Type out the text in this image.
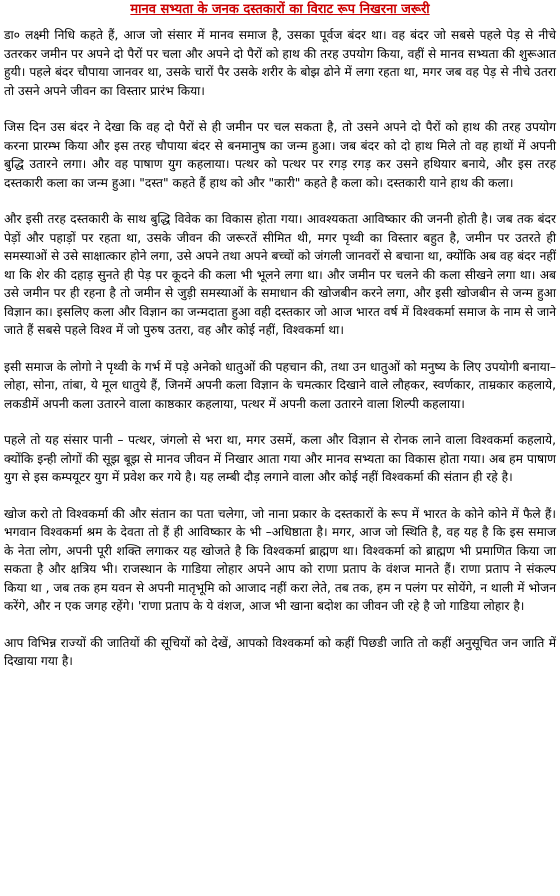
मानव सभ्यता के जनक दस्तकारों का विराट रूप निखरना जरूरी

डा० लक्ष्मी निधि कहते हैं, आज जो संसार में मानव समाज है, उसका पूर्वज बंदर था। वह बंदर जो सबसे पहले पेड़ से नीचे उतरकर जमीन पर अपने दो पैरों पर चला और अपने दो पैरों को हाथ की तरह उपयोग किया, वहीं से मानव सभ्यता की शुरूआत हुयी। पहले बंदर चौपाया जानवर था, उसके चारों पैर उसके शरीर के बोझ ढोने में लगा रहता था, मगर जब वह पेड़ से नीचे उतरा तो उसने अपने जीवन का विस्तार प्रारंभ किया।

जिस दिन उस बंदर ने देखा कि वह दो पैरों से ही जमीन पर चल सकता है, तो उसने अपने दो पैरों को हाथ की तरह उपयोग करना प्रारम्भ किया और इस तरह चौपाया बंदर से बनमानुष का जन्म हुआ। जब बंदर को दो हाथ मिले तो वह हाथों में अपनी बुद्धि उतारने लगा। और वह पाषाण युग कहलाया। पत्थर को पत्थर पर रगड़ रगड़ कर उसने हथियार बनाये, और इस तरह दस्तकारी कला का जन्म हुआ। "दस्त" कहते हैं हाथ को और "कारी" कहते है कला को। दस्तकारी याने हाथ की कला।

और इसी तरह दस्तकारी के साथ बुद्धि विवेक का विकास होता गया। आवश्यकता आविष्कार की जननी होती है। जब तक बंदर पेड़ों और पहाड़ों पर रहता था, उसके जीवन की जरूरतें सीमित थी, मगर पृथ्वी का विस्तार बहुत है, जमीन पर उतरते ही समस्याओं से उसे साक्षात्कार होने लगा, उसे अपने तथा अपने बच्चों को जंगली जानवरों से बचाना था, क्योंकि अब वह बंदर नहीं था कि शेर की दहाड़ सुनते ही पेड़ पर कूदने की कला भी भूलने लगा था। और जमीन पर चलने की कला सीखने लगा था। अब उसे जमीन पर ही रहना है तो जमीन से जुड़ी समस्याओं के समाधान की खोजबीन करने लगा, और इसी खोजबीन से जन्म हुआ विज्ञान का। इसलिए कला और विज्ञान का जन्मदाता हुआ वही दस्तकार जो आज भारत वर्ष में विश्वकर्मा समाज के नाम से जाने जाते हैं सबसे पहले विश्व में जो पुरुष उतरा, वह और कोई नहीं, विश्वकर्मा था।

इसी समाज के लोगो ने पृथ्वी के गर्भ में पड़े अनेको धातुओं की पहचान की, तथा उन धातुओं को मनुष्य के लिए उपयोगी बनाया–लोहा, सोना, तांबा, ये मूल धातुये हैं, जिनमें अपनी कला विज्ञान के चमत्कार दिखाने वाले लौहकर, स्वर्णकार, ताम्रकार कहलाये, लकडीमें अपनी कला उतारने वाला काष्ठकार कहलाया, पत्थर में अपनी कला उतारने वाला शिल्पी कहलाया।

पहले तो यह संसार पानी – पत्थर, जंगलो से भरा था, मगर उसमें, कला और विज्ञान से रोनक लाने वाला विश्वकर्मा कहलाये, क्योंकि इन्ही लोगों की सूझ बूझ से मानव जीवन में निखार आता गया और मानव सभ्यता का विकास होता गया। अब हम पाषाण युग से इस कम्पयूटर युग में प्रवेश कर गये है। यह लम्बी दौड़ लगाने वाला और कोई नहीं विश्वकर्मा की संतान ही रहे है।

खोज करो तो विश्वकर्मा की और संतान का पता चलेगा, जो नाना प्रकार के दस्तकारों के रूप में भारत के कोने कोने में फैले हैं। भगवान विश्वकर्मा श्रम के देवता तो हैं ही आविष्कार के भी –अधिष्ठाता है। मगर, आज जो स्थिति है, वह यह है कि इस समाज के नेता लोग, अपनी पूरी शक्ति लगाकर यह खोजते है कि विश्वकर्मा ब्राह्मण था। विश्वकर्मा को ब्राह्मण भी प्रमाणित किया जा सकता है और क्षत्रिय भी। राजस्थान के गाडिया लोहार अपने आप को राणा प्रताप के वंशज मानते हैं। राणा प्रताप ने संकल्प किया था , जब तक हम यवन से अपनी मातृभूमि को आजाद नहीं करा लेते, तब तक, हम न पलंग पर सोयेंगे, न थाली में भोजन करेंगे, और न एक जगह रहेंगे। 'राणा प्रताप के ये वंशज, आज भी खाना बदोश का जीवन जी रहे है जो गाडिया लोहार है।

आप विभिन्न राज्यों की जातियों की सूचियों को देखें, आपको विश्वकर्मा को कहीं पिछडी जाति तो कहीं अनुसूचित जन जाति में दिखाया गया है।
